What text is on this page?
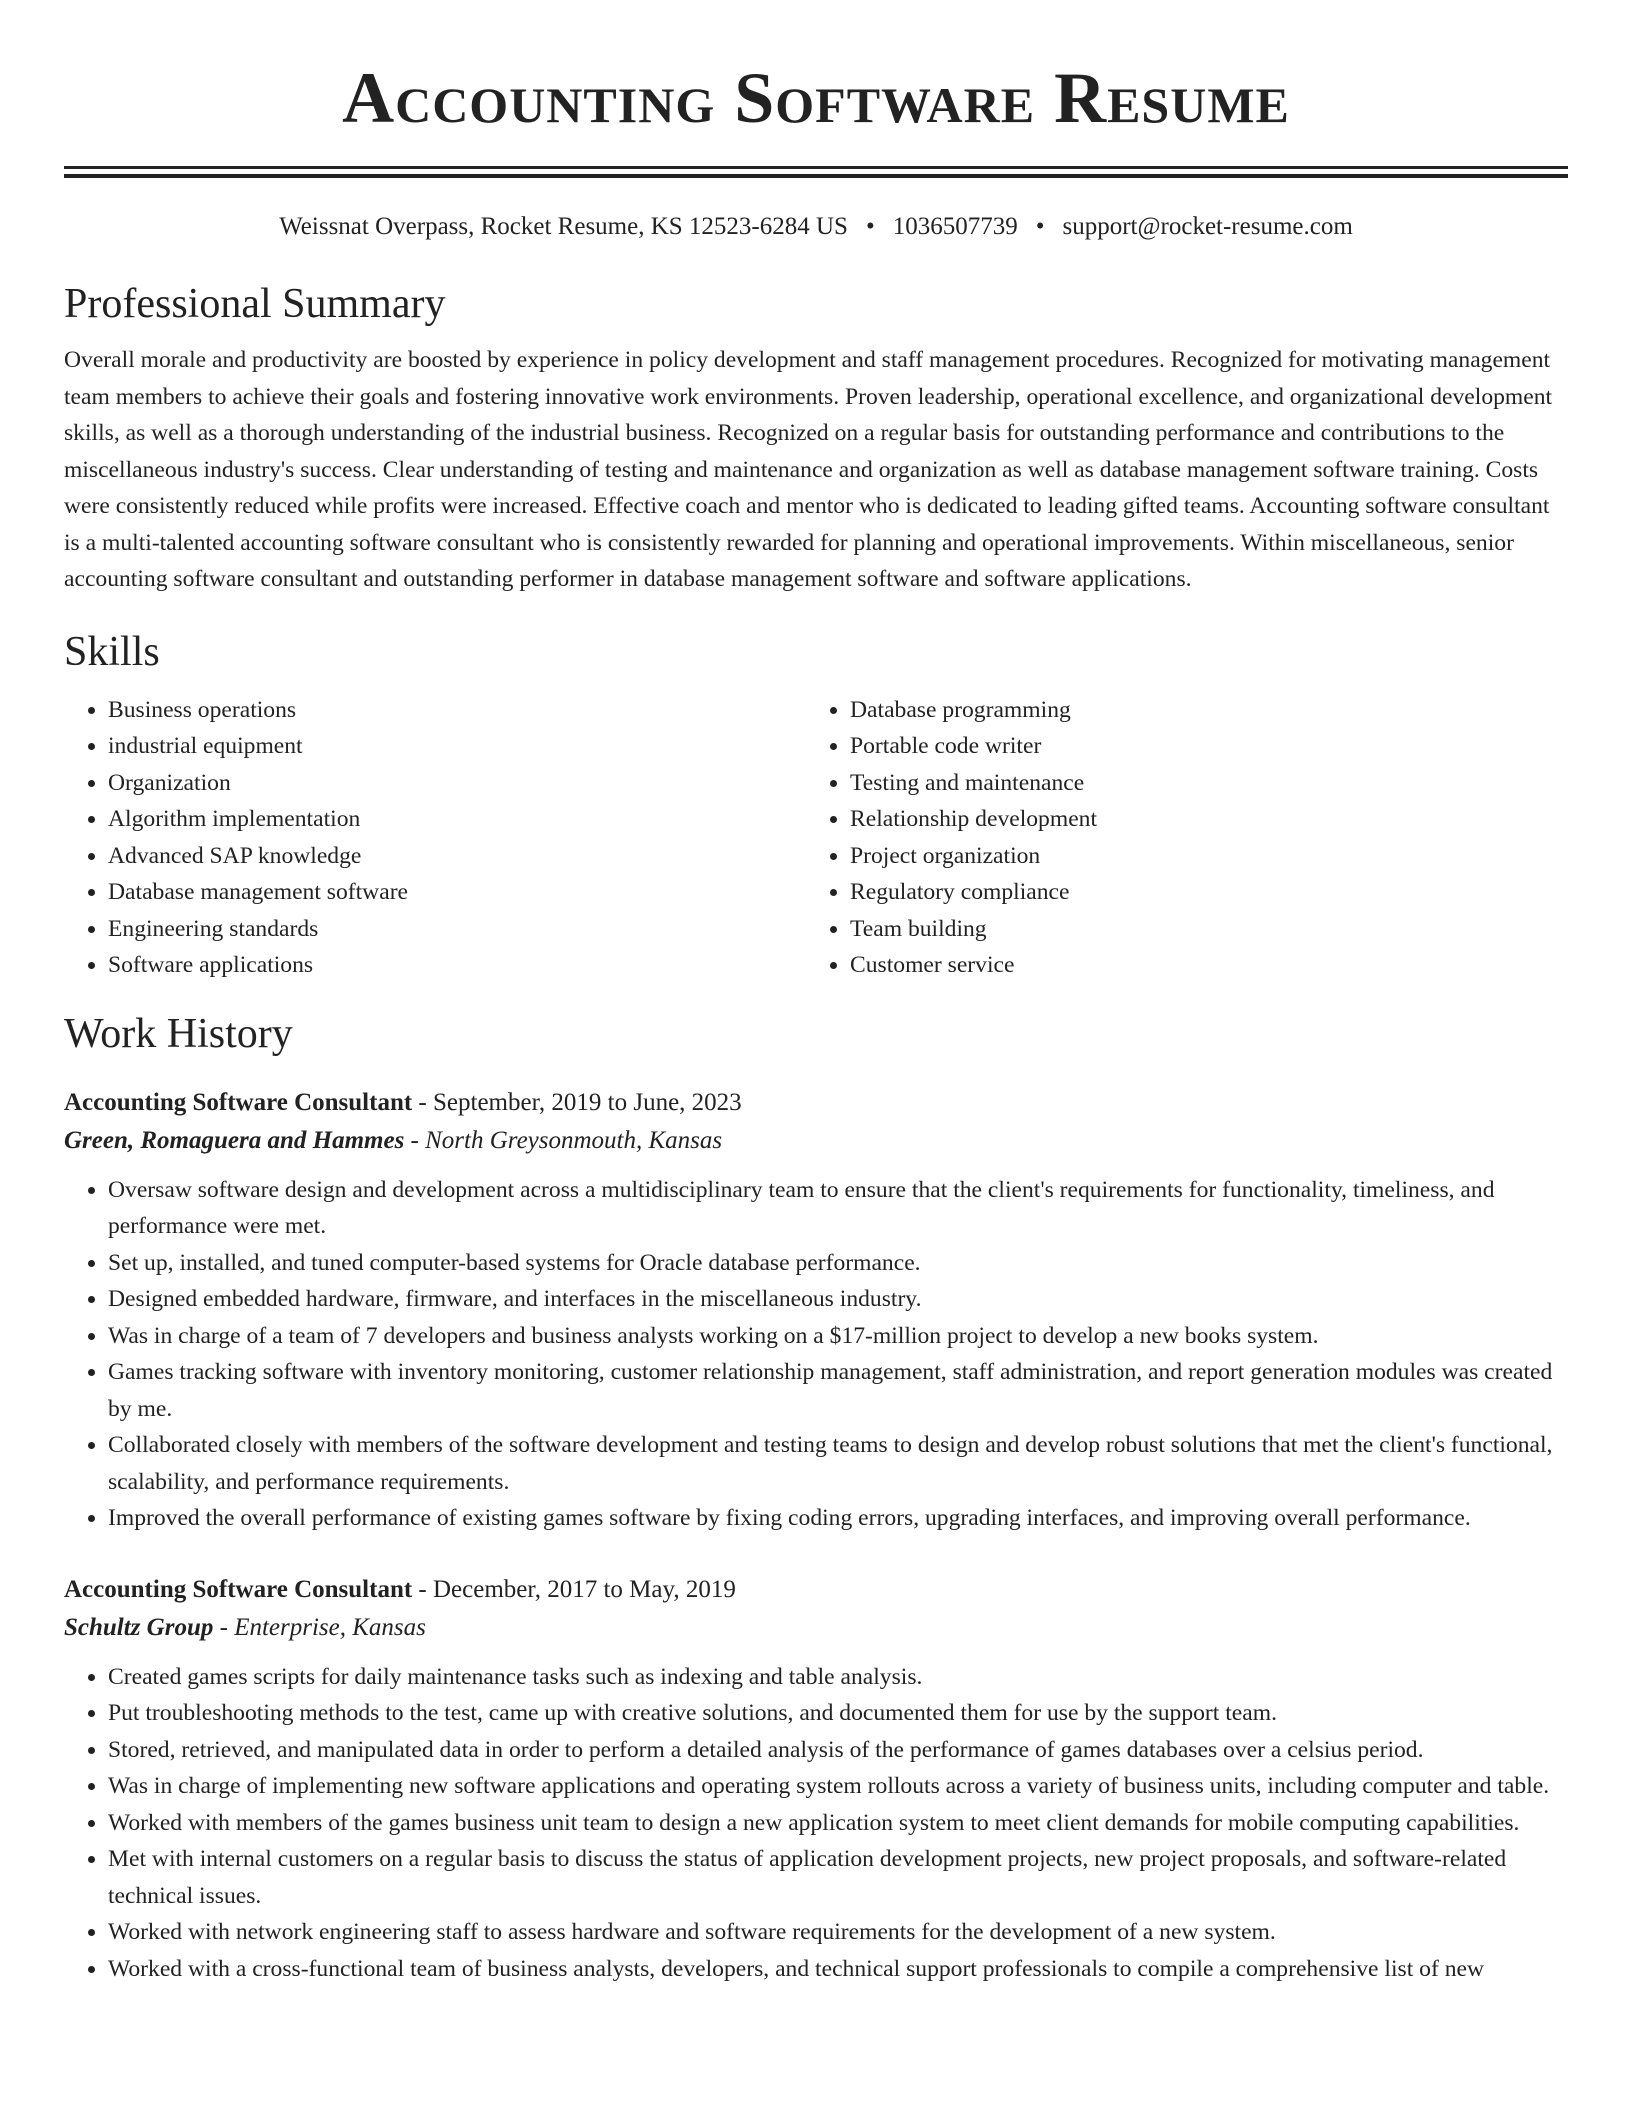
Accounting Software Resume
Weissnat Overpass, Rocket Resume, KS 12523-6284 US • 1036507739 • support@rocket-resume.com
Professional Summary

Overall morale and productivity are boosted by experience in policy development and staff management procedures. Recognized for motivating management team members to achieve their goals and fostering innovative work environments. Proven leadership, operational excellence, and organizational development skills, as well as a thorough understanding of the industrial business. Recognized on a regular basis for outstanding performance and contributions to the miscellaneous industry's success. Clear understanding of testing and maintenance and organization as well as database management software training. Costs were consistently reduced while profits were increased. Effective coach and mentor who is dedicated to leading gifted teams. Accounting software consultant is a multi-talented accounting software consultant who is consistently rewarded for planning and operational improvements. Within miscellaneous, senior accounting software consultant and outstanding performer in database management software and software applications.

Skills
• Business operations
• industrial equipment
• Organization
• Algorithm implementation
• Advanced SAP knowledge
• Database management software
• Engineering standards
• Software applications
• Database programming
• Portable code writer
• Testing and maintenance
• Relationship development
• Project organization
• Regulatory compliance
• Team building
• Customer service
Work History
Accounting Software Consultant - September, 2019 to June, 2023
Green, Romaguera and Hammes - North Greysonmouth, Kansas
• Oversaw software design and development across a multidisciplinary team to ensure that the client's requirements for functionality, timeliness, and performance were met.
• Set up, installed, and tuned computer-based systems for Oracle database performance.
• Designed embedded hardware, firmware, and interfaces in the miscellaneous industry.
• Was in charge of a team of 7 developers and business analysts working on a $17-million project to develop a new books system.
• Games tracking software with inventory monitoring, customer relationship management, staff administration, and report generation modules was created by me.
• Collaborated closely with members of the software development and testing teams to design and develop robust solutions that met the client's functional, scalability, and performance requirements.
• Improved the overall performance of existing games software by fixing coding errors, upgrading interfaces, and improving overall performance.
Accounting Software Consultant - December, 2017 to May, 2019
Schultz Group - Enterprise, Kansas
• Created games scripts for daily maintenance tasks such as indexing and table analysis.
• Put troubleshooting methods to the test, came up with creative solutions, and documented them for use by the support team.
• Stored, retrieved, and manipulated data in order to perform a detailed analysis of the performance of games databases over a celsius period.
• Was in charge of implementing new software applications and operating system rollouts across a variety of business units, including computer and table.
• Worked with members of the games business unit team to design a new application system to meet client demands for mobile computing capabilities.
• Met with internal customers on a regular basis to discuss the status of application development projects, new project proposals, and software-related technical issues.
• Worked with network engineering staff to assess hardware and software requirements for the development of a new system.
• Worked with a cross-functional team of business analysts, developers, and technical support professionals to compile a comprehensive list of new
